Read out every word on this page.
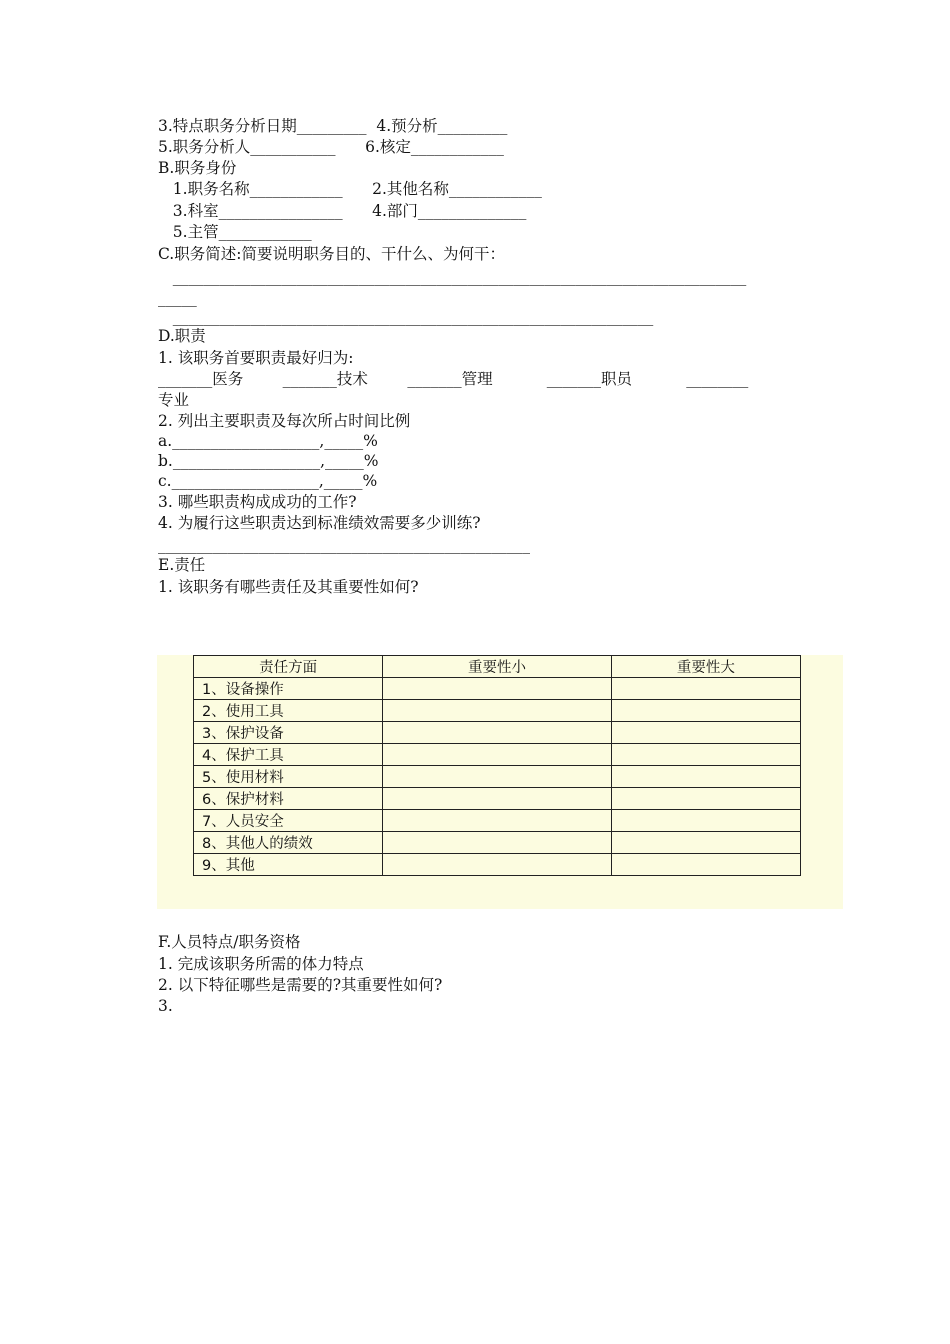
3.特点职务分析日期_________  4.预分析_________
5.职务分析人___________      6.核定____________
B.职务身份
1.职务名称____________      2.其他名称____________
3.科室________________      4.部门______________
5.主管____________
C.职务简述:简要说明职务目的、干什么、为何干：
__________________________________________________________________________
_____
______________________________________________________________
D.职责
1. 该职务首要职责最好归为:
_______医务        _______技术        _______管理           _______职员           ________
专业
2. 列出主要职责及每次所占时间比例
a.___________________,_____%
b.___________________,_____%
c.___________________,_____%
3. 哪些职责构成成功的工作?
4. 为履行这些职责达到标准绩效需要多少训练?
________________________________________________
E.责任
1. 该职务有哪些责任及其重要性如何?
责任方面	重要性小	重要性大
1、设备操作		
2、使用工具		
3、保护设备		
4、保护工具		
5、使用材料		
6、保护材料		
7、人员安全		
8、其他人的绩效		
9、其他		
F.人员特点/职务资格
1. 完成该职务所需的体力特点
2. 以下特征哪些是需要的?其重要性如何?
3.
